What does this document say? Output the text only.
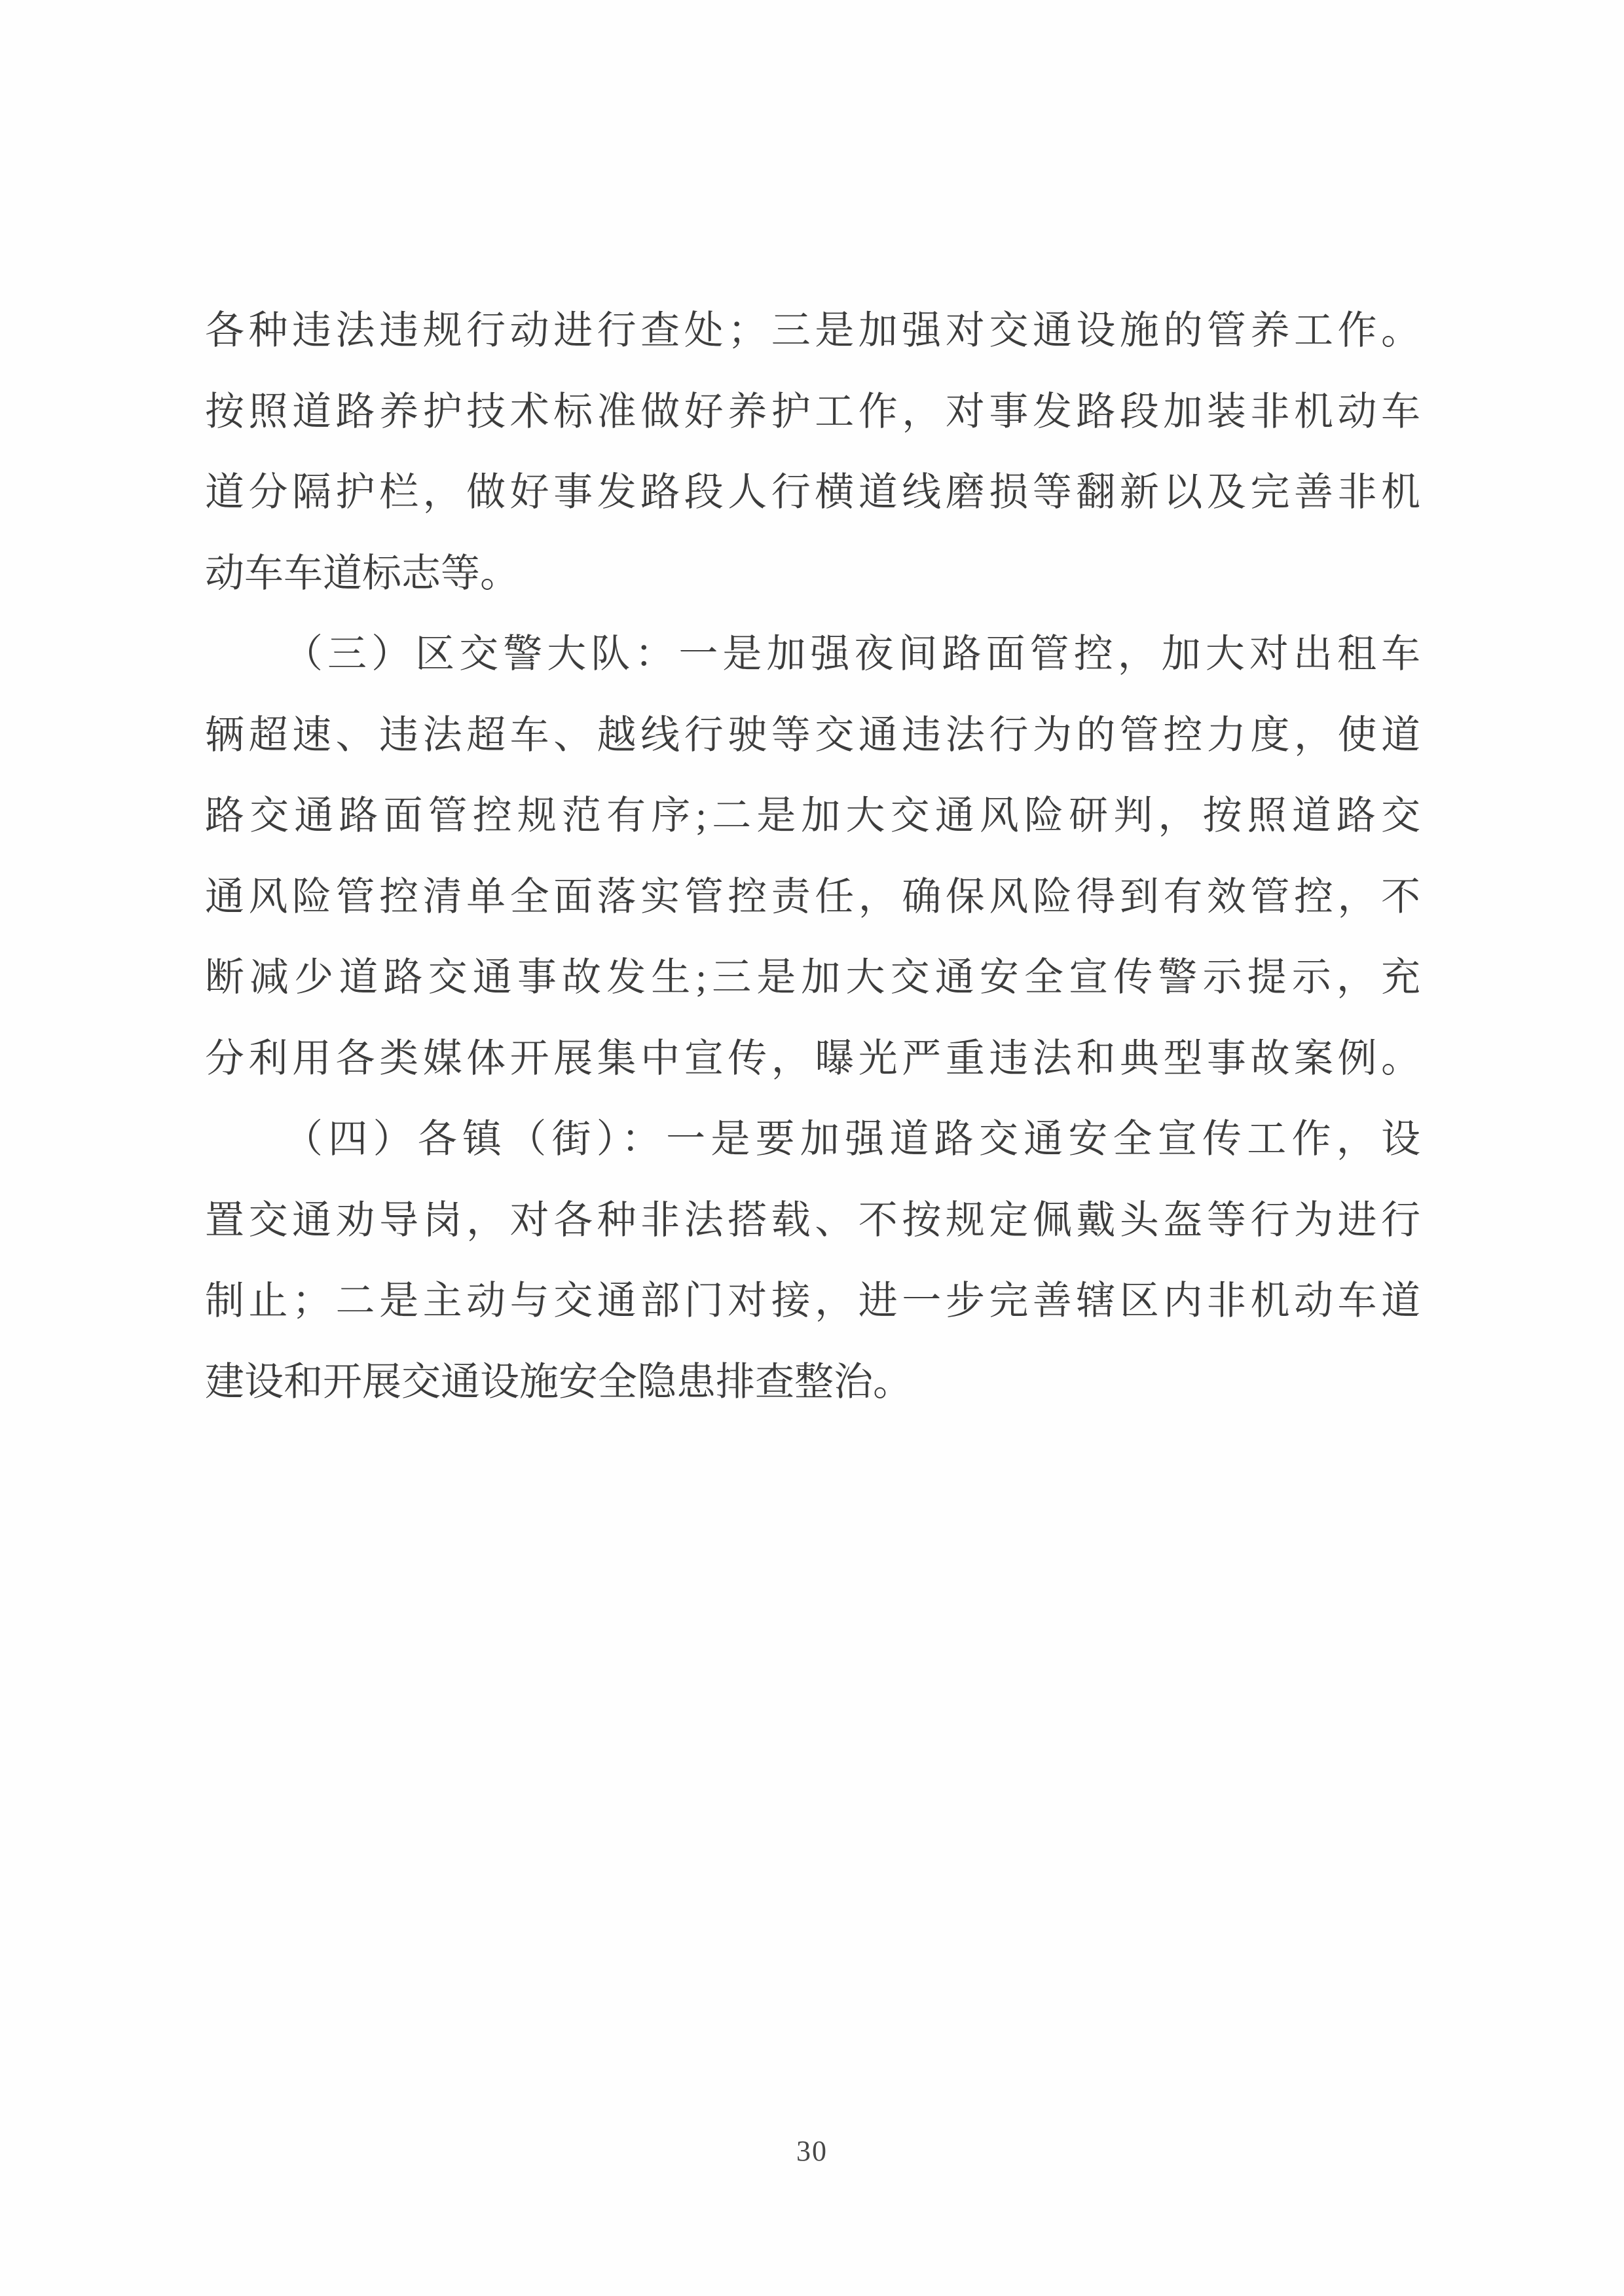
各种违法违规行动进行查处；三是加强对交通设施的管养工作。
按照道路养护技术标准做好养护工作，对事发路段加装非机动车
道分隔护栏，做好事发路段人行横道线磨损等翻新以及完善非机
动车车道标志等。
（三）区交警大队：一是加强夜间路面管控，加大对出租车
辆超速、违法超车、越线行驶等交通违法行为的管控力度，使道
路交通路面管控规范有序;二是加大交通风险研判，按照道路交
通风险管控清单全面落实管控责任，确保风险得到有效管控，不
断减少道路交通事故发生;三是加大交通安全宣传警示提示，充
分利用各类媒体开展集中宣传，曝光严重违法和典型事故案例。
（四）各镇（街）：一是要加强道路交通安全宣传工作，设
置交通劝导岗，对各种非法搭载、不按规定佩戴头盔等行为进行
制止；二是主动与交通部门对接，进一步完善辖区内非机动车道
建设和开展交通设施安全隐患排查整治。
30
